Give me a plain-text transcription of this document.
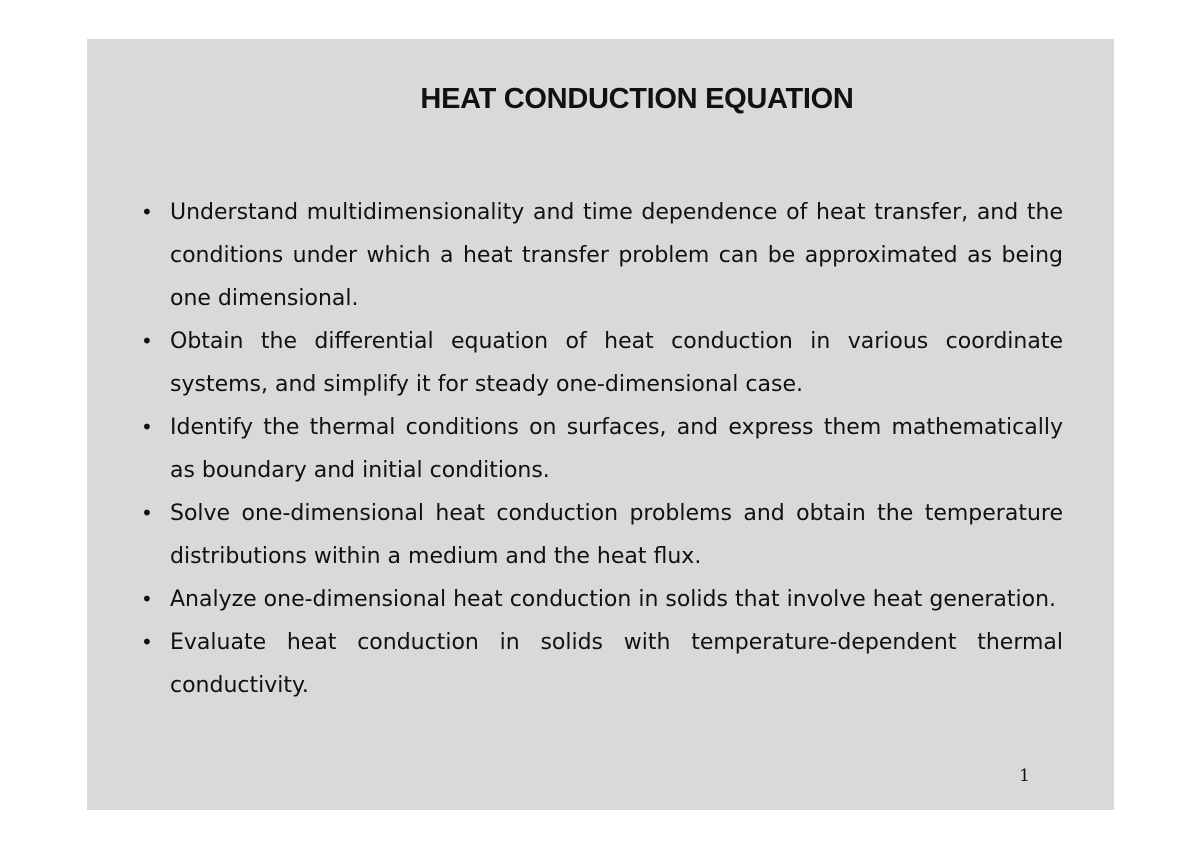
HEAT CONDUCTION EQUATION
• Understand multidimensionality and time dependence of heat transfer, and the conditions under which a heat transfer problem can be approximated as being one dimensional.
• Obtain the differential equation of heat conduction in various coordinate systems, and simplify it for steady one-dimensional case.
• Identify the thermal conditions on surfaces, and express them mathematically as boundary and initial conditions.
• Solve one-dimensional heat conduction problems and obtain the temperature distributions within a medium and the heat flux.
• Analyze one-dimensional heat conduction in solids that involve heat generation.
• Evaluate heat conduction in solids with temperature-dependent thermal conductivity.
1
